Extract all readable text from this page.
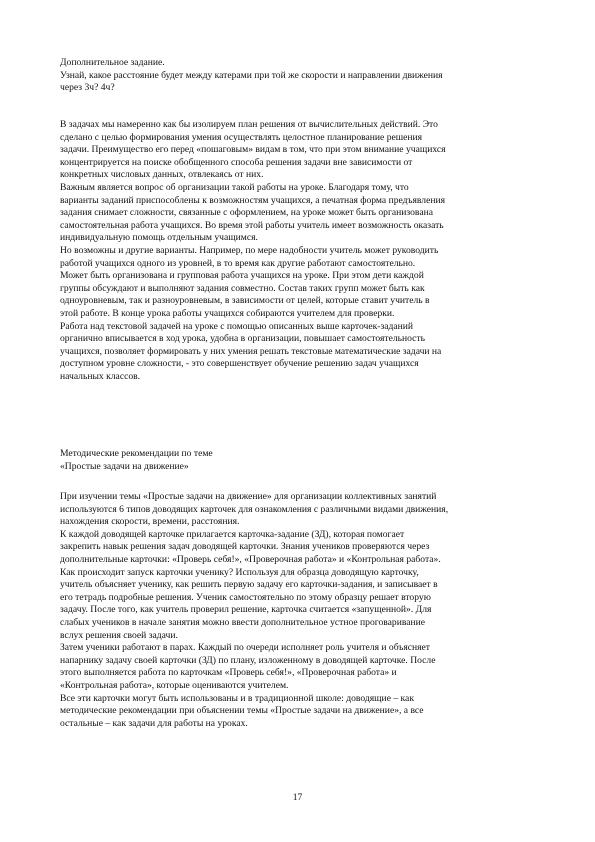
Дополнительное задание.
Узнай, какое расстояние будет между катерами при той же скорости и направлении движения
через 3ч? 4ч?
В задачах мы намеренно как бы изолируем план решения от вычислительных действий. Это
сделано с целью формирования умения осуществлять целостное планирование решения
задачи. Преимущество его перед «пошаговым» видам в том, что при этом внимание учащихся
концентрируется на поиске обобщенного способа решения задачи вне зависимости от
конкретных числовых данных, отвлекаясь от них.
Важным является вопрос об организации такой работы на уроке. Благодаря тому, что
варианты заданий приспособлены к возможностям учащихся, а печатная форма предъявления
задания снимает сложности, связанные с оформлением, на уроке может быть организована
самостоятельная работа учащихся. Во время этой работы учитель имеет возможность оказать
индивидуальную помощь отдельным учащимся.
Но возможны и другие варианты. Например, по мере надобности учитель может руководить
работой учащихся одного из уровней, в то время как другие работают самостоятельно.
Может быть организована и групповая работа учащихся на уроке. При этом дети каждой
группы обсуждают и выполняют задания совместно. Состав таких групп может быть как
одноуровневым, так и разноуровневым, в зависимости от целей, которые ставит учитель в
этой работе. В конце урока работы учащихся собираются учителем для проверки.
Работа над текстовой задачей на уроке с помощью описанных выше карточек-заданий
органично вписывается в ход урока, удобна в организации, повышает самостоятельность
учащихся, позволяет формировать у них умения решать текстовые математические задачи на
доступном уровне сложности, - это совершенствует обучение решению задач учащихся
начальных классов.
Методические рекомендации по теме
«Простые задачи на движение»
При изучении темы «Простые задачи на движение» для организации коллективных занятий
используются 6 типов доводящих карточек для ознакомления с различными видами движения,
нахождения скорости, времени, расстояния.
К каждой доводящей карточке прилагается карточка-задание (ЗД), которая помогает
закрепить навык решения задач доводящей карточки. Знания учеников проверяются через
дополнительные карточки: «Проверь себя!», «Проверочная работа» и «Контрольная работа».
Как происходит запуск карточки ученику? Используя для образца доводящую карточку,
учитель объясняет ученику, как решить первую задачу его карточки-задания, и записывает в
его тетрадь подробные решения. Ученик самостоятельно по этому образцу решает вторую
задачу. После того, как учитель проверил решение, карточка считается «запущенной». Для
слабых учеников в начале занятия можно ввести дополнительное устное проговаривание
вслух решения своей задачи.
Затем ученики работают в парах. Каждый по очереди исполняет роль учителя и объясняет
напарнику задачу своей карточки (ЗД) по плану, изложенному в доводящей карточке. После
этого выполняется работа по карточкам «Проверь себя!», «Проверочная работа» и
«Контрольная работа», которые оцениваются учителем.
Все эти карточки могут быть использованы и в традиционной школе: доводящие – как
методические рекомендации при объяснении темы «Простые задачи на движение», а все
остальные – как задачи для работы на уроках.
17
